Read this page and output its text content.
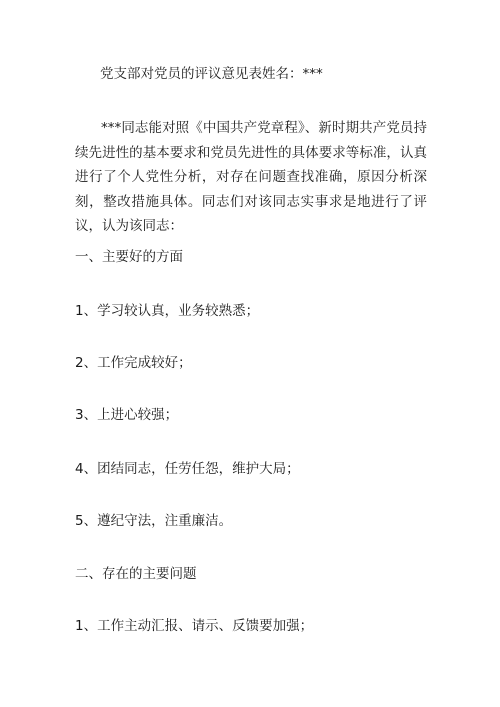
党支部对党员的评议意见表姓名：***
***同志能对照《中国共产党章程》、新时期共产党员持续先进性的基本要求和党员先进性的具体要求等标准，认真进行了个人党性分析，对存在问题查找准确，原因分析深刻，整改措施具体。同志们对该同志实事求是地进行了评议，认为该同志：
一、主要好的方面
1、学习较认真，业务较熟悉；
2、工作完成较好；
3、上进心较强；
4、团结同志，任劳任怨，维护大局；
5、遵纪守法，注重廉洁。
二、存在的主要问题
1、工作主动汇报、请示、反馈要加强；
